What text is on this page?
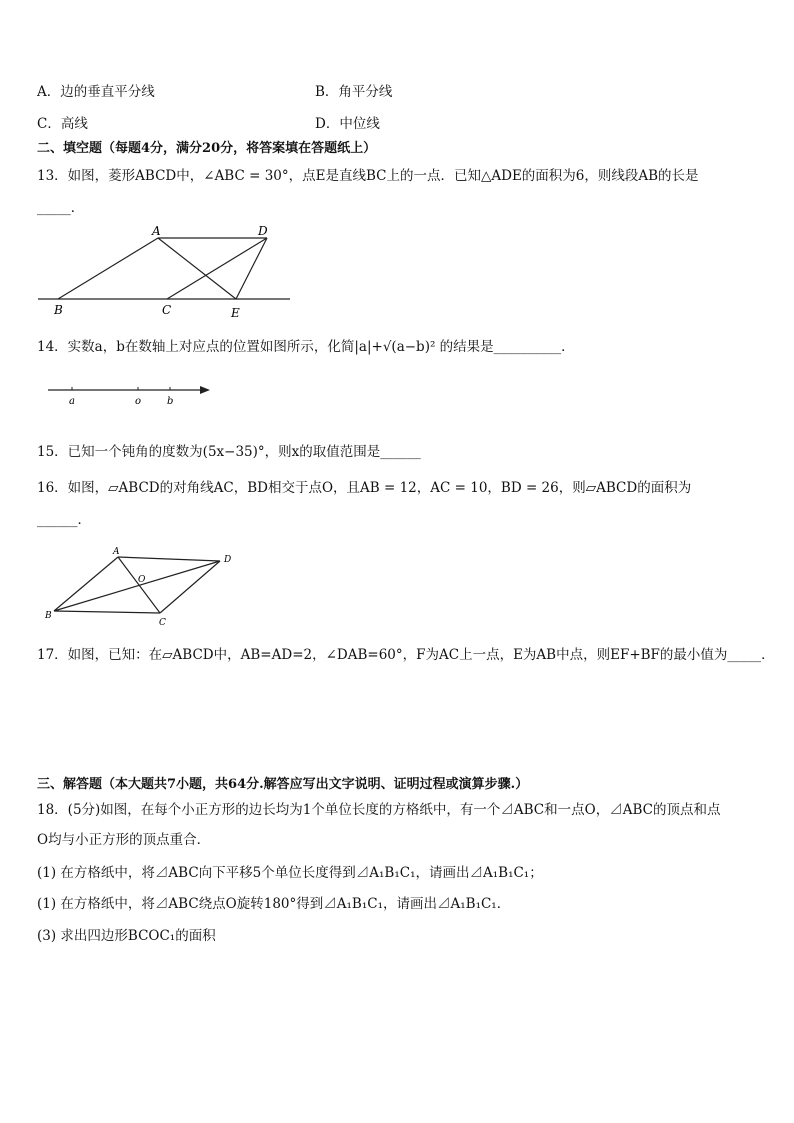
A．边的垂直平分线	B．角平分线
C．高线	D．中位线
二、填空题（每题4分，满分20分，将答案填在答题纸上）
13．如图，菱形ABCD中，∠ABC = 30°，点E是直线BC上的一点．已知△ADE的面积为6，则线段AB的长是
_____．
A	D
B	C	E
14．实数a，b在数轴上对应点的位置如图所示，化简|a|+√(a−b)² 的结果是__________．
a	o	b
15．已知一个钝角的度数为(5x−35)°，则x的取值范围是______
16．如图，▱ABCD的对角线AC，BD相交于点O，且AB = 12，AC = 10，BD = 26，则▱ABCD的面积为
______．
A
D
B
C
O
17．如图，已知：在▱ABCD中，AB=AD=2，∠DAB=60°，F为AC上一点，E为AB中点，则EF+BF的最小值为_____．
三、解答题（本大题共7小题，共64分.解答应写出文字说明、证明过程或演算步骤.）
18．(5分)如图，在每个小正方形的边长均为1个单位长度的方格纸中，有一个⊿ABC和一点O，⊿ABC的顶点和点
O均与小正方形的顶点重合．
(1) 在方格纸中，将⊿ABC向下平移5个单位长度得到⊿A₁B₁C₁，请画出⊿A₁B₁C₁；
(1) 在方格纸中，将⊿ABC绕点O旋转180°得到⊿A₁B₁C₁，请画出⊿A₁B₁C₁．
(3) 求出四边形BCOC₁的面积
